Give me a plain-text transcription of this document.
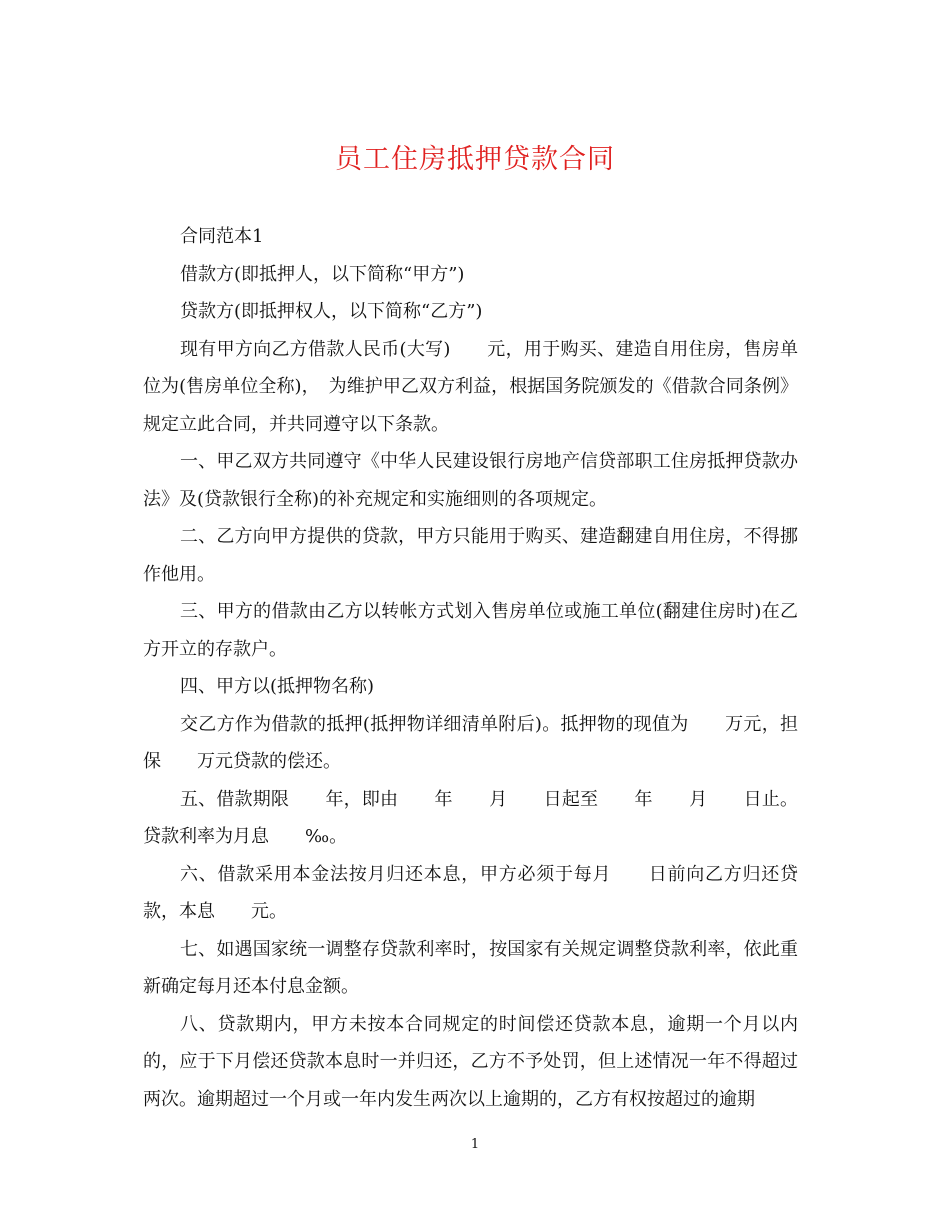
员工住房抵押贷款合同

合同范本1

借款方(即抵押人，以下简称“甲方”)

贷款方(即抵押权人，以下简称“乙方”)

现有甲方向乙方借款人民币(大写)　　元，用于购买、建造自用住房，售房单位为(售房单位全称)，　为维护甲乙双方利益，根据国务院颁发的《借款合同条例》规定立此合同，并共同遵守以下条款。

一、甲乙双方共同遵守《中华人民建设银行房地产信贷部职工住房抵押贷款办法》及(贷款银行全称)的补充规定和实施细则的各项规定。

二、乙方向甲方提供的贷款，甲方只能用于购买、建造翻建自用住房，不得挪作他用。

三、甲方的借款由乙方以转帐方式划入售房单位或施工单位(翻建住房时)在乙方开立的存款户。

四、甲方以(抵押物名称)

交乙方作为借款的抵押(抵押物详细清单附后)。抵押物的现值为　　万元，担保　　万元贷款的偿还。

五、借款期限　　年，即由　　年　　月　　日起至　　年　　月　　日止。贷款利率为月息　　‰。

六、借款采用本金法按月归还本息，甲方必须于每月　　日前向乙方归还贷款，本息　　元。

七、如遇国家统一调整存贷款利率时，按国家有关规定调整贷款利率，依此重新确定每月还本付息金额。

八、贷款期内，甲方未按本合同规定的时间偿还贷款本息，逾期一个月以内的，应于下月偿还贷款本息时一并归还，乙方不予处罚，但上述情况一年不得超过两次。逾期超过一个月或一年内发生两次以上逾期的，乙方有权按超过的逾期

1
